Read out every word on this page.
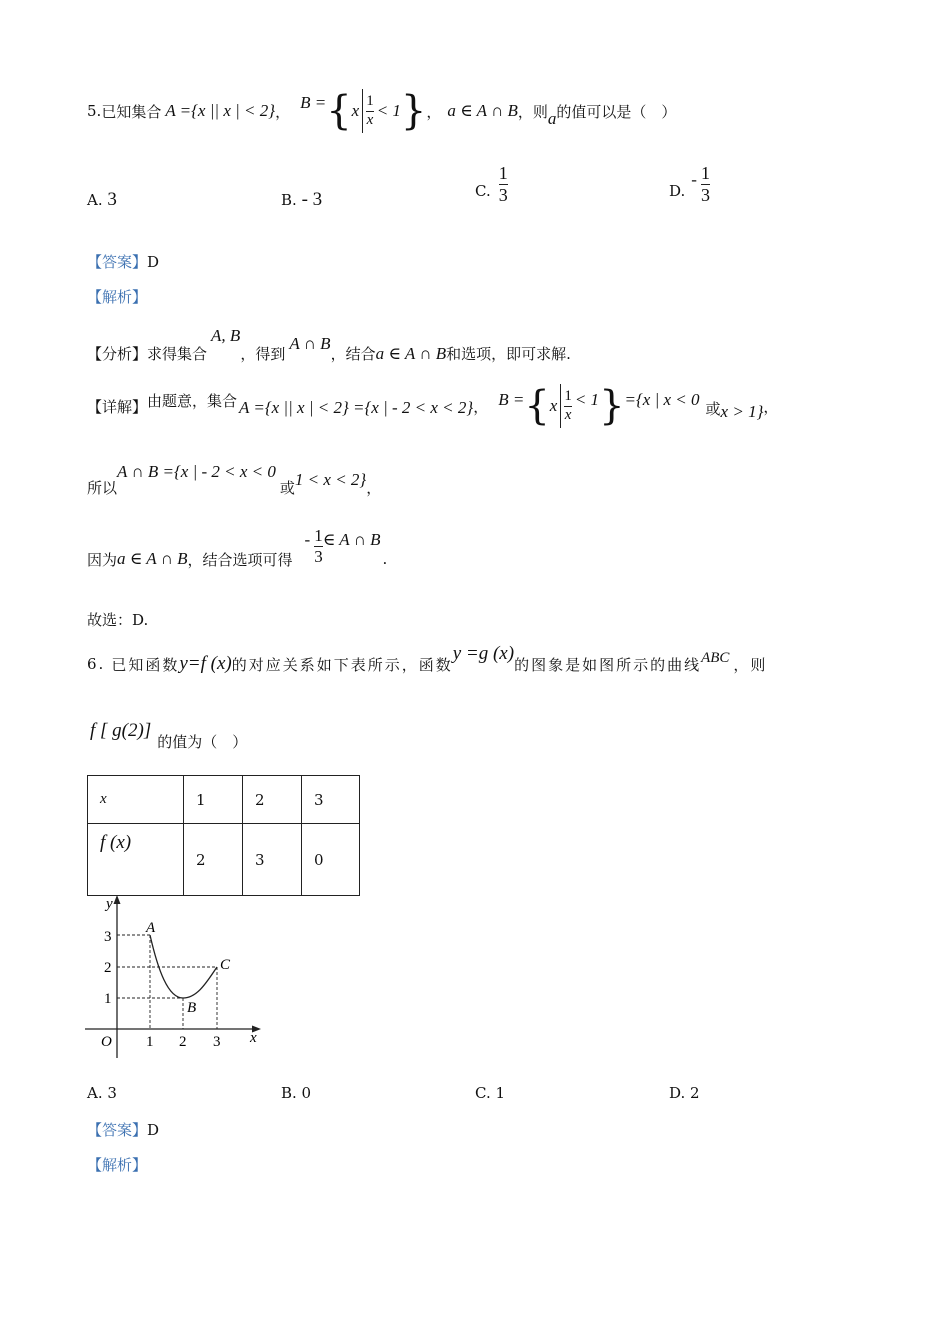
5. 已知集合 A ={x || x | < 2} ， B = { x $\frac{1}{x} < 1$ } ， a ∈ A ∩ B ，则 a 的值可以是（　）
A. 3	B. - 3	C. $\frac{1}{3}$	D.
- $\frac{1}{3}$
【答案】D
【解析】
【分析】 求得集合
A, B
，得到
A ∩ B
，结合 a ∈ A ∩ B 和选项，即可求解.
【详解】 由题意，集合 A ={x || x | < 2} ={x | - 2 < x < 2} ， B = { x $\frac{1}{x} < 1$ } ={x | x < 0 或 x > 1} ，
所以
A ∩ B ={x | - 2 < x < 0
或 1 < x < 2} ，
因为 a ∈ A ∩ B ，结合选项可得
- $\frac{1}{3}$ ∈ A ∩ B
.
故选：D.
6. 已知函数 y=f (x) 的对应关系如下表所示，函数
y =g (x)
的图象是如图所示的曲线 ABC ，则
f [ g(2)]
的值为（　）
x	1	2	3
f (x)	2	3	0
y
x
O
3
2
1
1 2 3
A
B
C
A. 3	B. 0	C. 1	D. 2
【答案】D
【解析】
